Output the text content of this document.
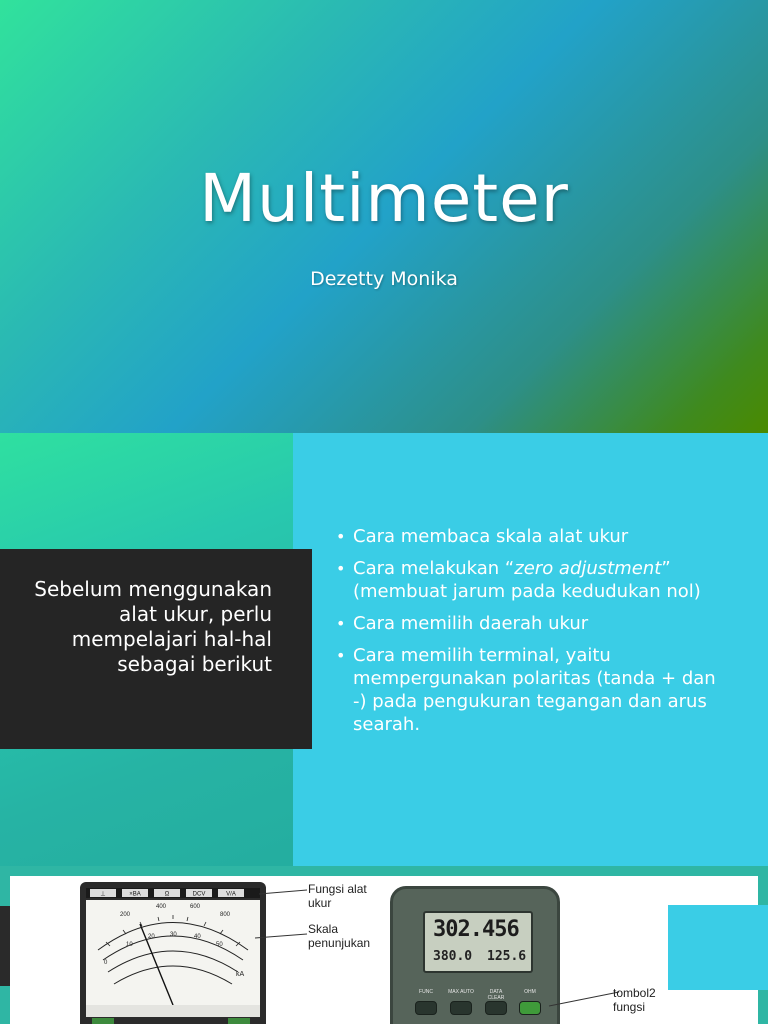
Multimeter
Dezetty Monika
Sebelum menggunakan alat ukur, perlu mempelajari hal-hal sebagai berikut
• Cara membaca skala alat ukur
• Cara melakukan “zero adjustment” (membuat jarum pada kedudukan nol)
• Cara memilih daerah ukur
• Cara memilih terminal, yaitu mempergunakan polaritas (tanda + dan -) pada pengukuran tegangan dan arus searah.
⊥	×BA	Ω	DCV	V/A
200
400	600
800
0
10
20	30	40
50
kA
Fungsi alat ukur
Skala penunjukan
302.456
380.0 125.6
FUNC	MAX AUTO	DATA CLEAR
OHM	tombol2 fungsi
